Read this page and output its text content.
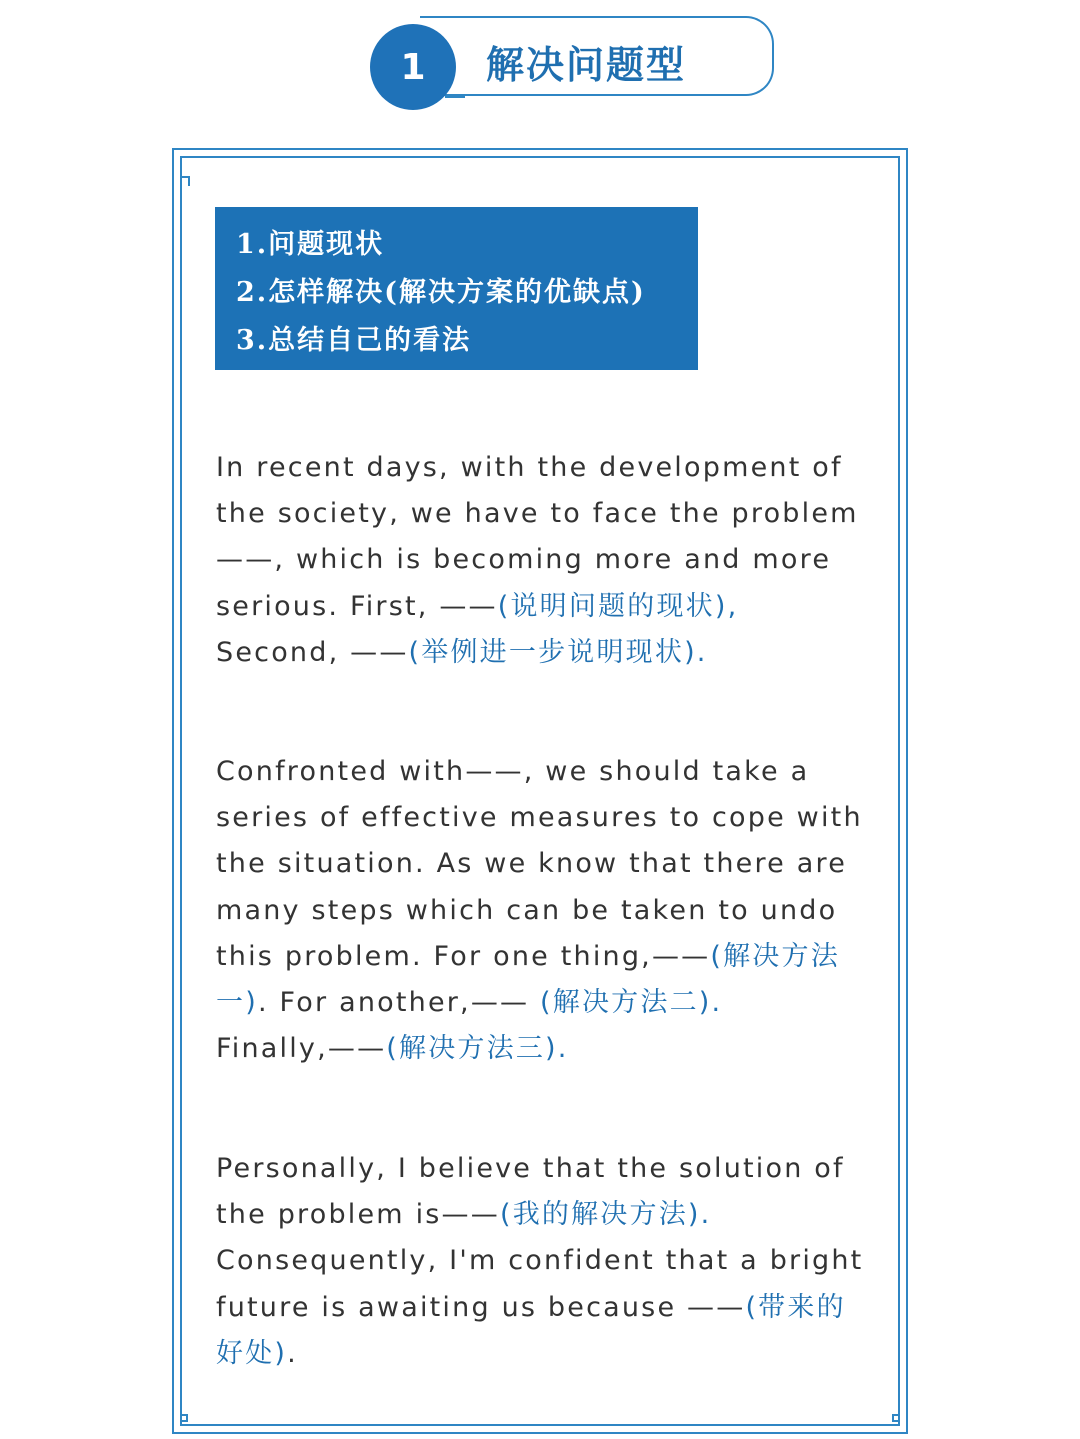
1 解决问题型
1.问题现状
2.怎样解决(解决方案的优缺点)
3.总结自己的看法
In recent days, with the development of
the society, we have to face the problem
——, which is becoming more and more
serious. First, ——(说明问题的现状),
Second, ——(举例进一步说明现状).
Confronted with——, we should take a
series of effective measures to cope with
the situation. As we know that there are
many steps which can be taken to undo
this problem. For one thing,——(解决方法
一). For another,—— (解决方法二).
Finally,——(解决方法三).
Personally, I believe that the solution of
the problem is——(我的解决方法).
Consequently, I'm confident that a bright
future is awaiting us because ——(带来的
好处).
